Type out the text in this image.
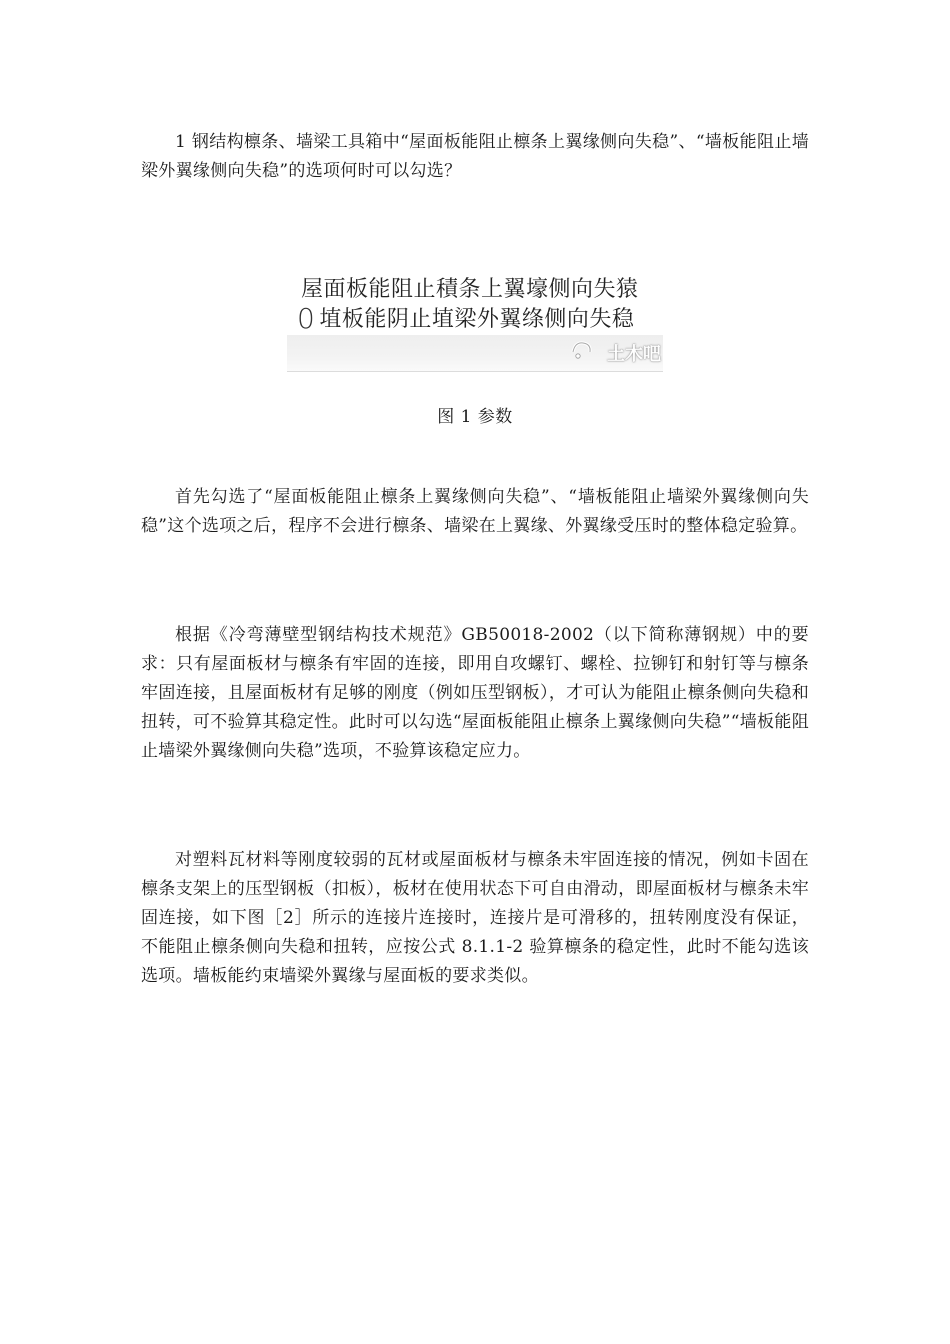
1 钢结构檩条、墙梁工具箱中“屋面板能阻止檩条上翼缘侧向失稳”、“墙板能阻止墙梁外翼缘侧向失稳”的选项何时可以勾选？

屋面板能阻止積条上翼壕侧向失猿
0 埴板能阴止埴梁外翼绦侧向失稳
土木吧
图 1 参数

首先勾选了“屋面板能阻止檩条上翼缘侧向失稳”、“墙板能阻止墙梁外翼缘侧向失稳”这个选项之后，程序不会进行檩条、墙梁在上翼缘、外翼缘受压时的整体稳定验算。

根据《冷弯薄壁型钢结构技术规范》GB50018-2002（以下简称薄钢规）中的要求：只有屋面板材与檩条有牢固的连接，即用自攻螺钉、螺栓、拉铆钉和射钉等与檩条牢固连接，且屋面板材有足够的刚度（例如压型钢板），才可认为能阻止檩条侧向失稳和扭转，可不验算其稳定性。此时可以勾选“屋面板能阻止檩条上翼缘侧向失稳”“墙板能阻止墙梁外翼缘侧向失稳”选项，不验算该稳定应力。

对塑料瓦材料等刚度较弱的瓦材或屋面板材与檩条未牢固连接的情况，例如卡固在檩条支架上的压型钢板（扣板），板材在使用状态下可自由滑动，即屋面板材与檩条未牢固连接，如下图［2］所示的连接片连接时，连接片是可滑移的，扭转刚度没有保证，不能阻止檩条侧向失稳和扭转，应按公式 8.1.1-2 验算檩条的稳定性，此时不能勾选该选项。墙板能约束墙梁外翼缘与屋面板的要求类似。
